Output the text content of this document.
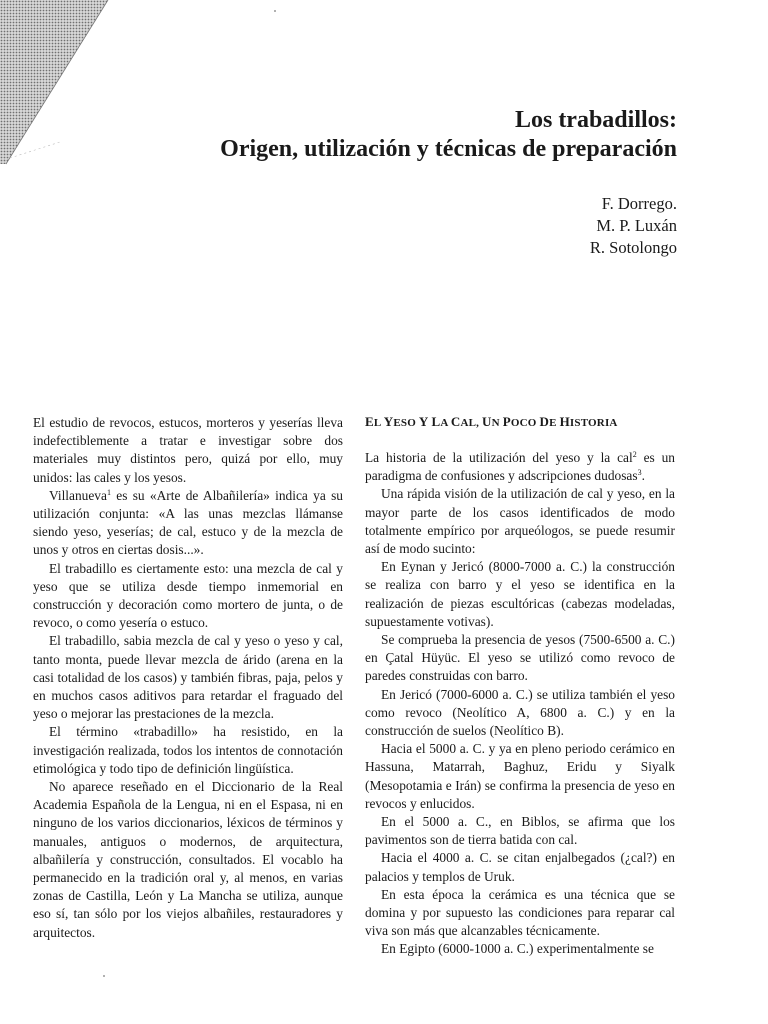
Los trabadillos:
Origen, utilización y técnicas de preparación
F. Dorrego.
M. P. Luxán
R. Sotolongo

El estudio de revocos, estucos, morteros y yeserías lleva indefectiblemente a tratar e investigar sobre dos materiales muy distintos pero, quizá por ello, muy unidos: las cales y los yesos.

Villanueva$^1$ es su «Arte de Albañilería» indica ya su utilización conjunta: «A las unas mezclas llámanse siendo yeso, yeserías; de cal, estuco y de la mezcla de unos y otros en ciertas dosis...».

El trabadillo es ciertamente esto: una mezcla de cal y yeso que se utiliza desde tiempo inmemorial en construcción y decoración como mortero de junta, o de revoco, o como yesería o estuco.

El trabadillo, sabia mezcla de cal y yeso o yeso y cal, tanto monta, puede llevar mezcla de árido (arena en la casi totalidad de los casos) y también fibras, paja, pelos y en muchos casos aditivos para retardar el fraguado del yeso o mejorar las prestaciones de la mezcla.

El término «trabadillo» ha resistido, en la investigación realizada, todos los intentos de connotación etimológica y todo tipo de definición lingüística.

No aparece reseñado en el Diccionario de la Real Academia Española de la Lengua, ni en el Espasa, ni en ninguno de los varios diccionarios, léxicos de términos y manuales, antiguos o modernos, de arquitectura, albañilería y construcción, consultados. El vocablo ha permanecido en la tradición oral y, al menos, en varias zonas de Castilla, León y La Mancha se utiliza, aunque eso sí, tan sólo por los viejos albañiles, restauradores y arquitectos.

EL YESO Y LA CAL, UN POCO DE HISTORIA

La historia de la utilización del yeso y la cal$^2$ es un paradigma de confusiones y adscripciones dudosas$^3$.

Una rápida visión de la utilización de cal y yeso, en la mayor parte de los casos identificados de modo totalmente empírico por arqueólogos, se puede resumir así de modo sucinto:

En Eynan y Jericó (8000-7000 a. C.) la construcción se realiza con barro y el yeso se identifica en la realización de piezas escultóricas (cabezas modeladas, supuestamente votivas).

Se comprueba la presencia de yesos (7500-6500 a. C.) en Çatal Hüyüc. El yeso se utilizó como revoco de paredes construidas con barro.

En Jericó (7000-6000 a. C.) se utiliza también el yeso como revoco (Neolítico A, 6800 a. C.) y en la construcción de suelos (Neolítico B).

Hacia el 5000 a. C. y ya en pleno periodo cerámico en Hassuna, Matarrah, Baghuz, Eridu y Siyalk (Mesopotamia e Irán) se confirma la presencia de yeso en revocos y enlucidos.

En el 5000 a. C., en Biblos, se afirma que los pavimentos son de tierra batida con cal.

Hacia el 4000 a. C. se citan enjalbegados (¿cal?) en palacios y templos de Uruk.

En esta época la cerámica es una técnica que se domina y por supuesto las condiciones para reparar cal viva son más que alcanzables técnicamente.

En Egipto (6000-1000 a. C.) experimentalmente se
